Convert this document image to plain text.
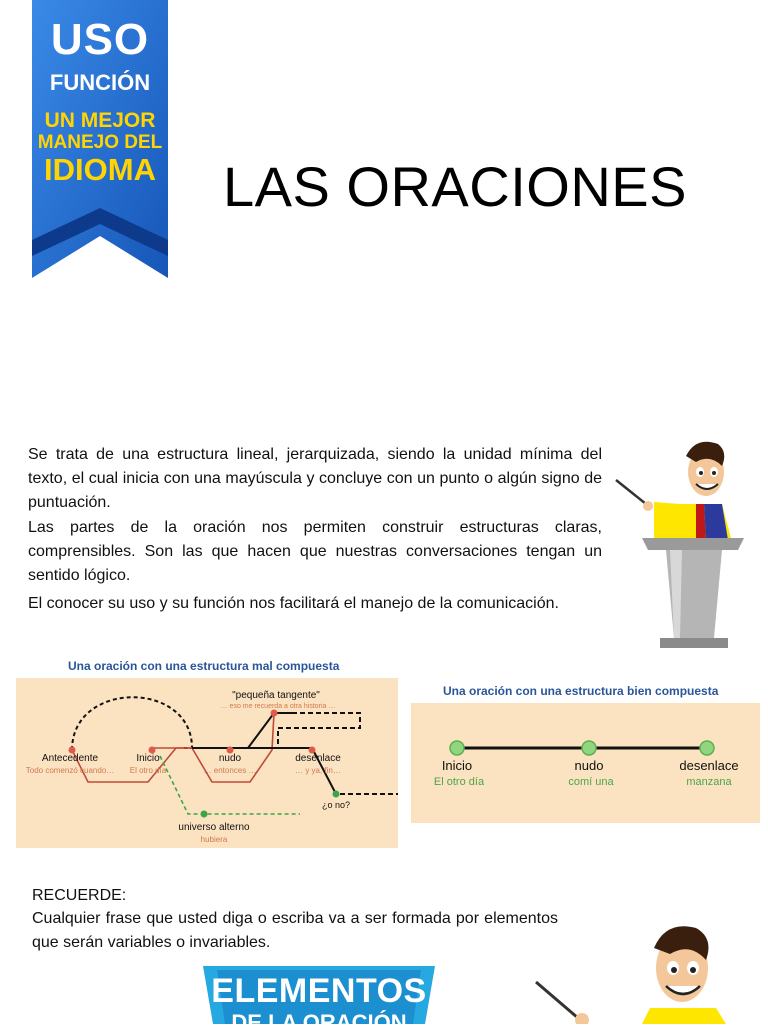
USO
FUNCIÓN
UN MEJOR
MANEJO DEL
IDIOMA LAS ORACIONES
Se trata de una estructura lineal, jerarquizada, siendo la unidad mínima del texto, el cual inicia con una mayúscula y concluye con un punto o algún signo de puntuación.
Las partes de la oración nos permiten construir estructuras claras, comprensibles. Son las que hacen que nuestras conversaciones tengan un sentido lógico.
El conocer su uso y su función nos facilitará el manejo de la comunicación.
Una oración con una estructura mal compuesta
Antecedente
Todo comenzó cuando…
Inicio
El otro día
nudo
… entonces …
"pequeña tangente"
… eso me recuerda a otra historia …
desenlace
… y ya, fin…
¿o no?
universo alterno
hubiera
Una oración con una estructura bien compuesta
Inicio
El otro día
nudo
comí una
desenlace
manzana
RECUERDE:
Cualquier frase que usted diga o escriba va a ser formada por elementos que serán variables o invariables.
ELEMENTOS
DE LA ORACIÓN
